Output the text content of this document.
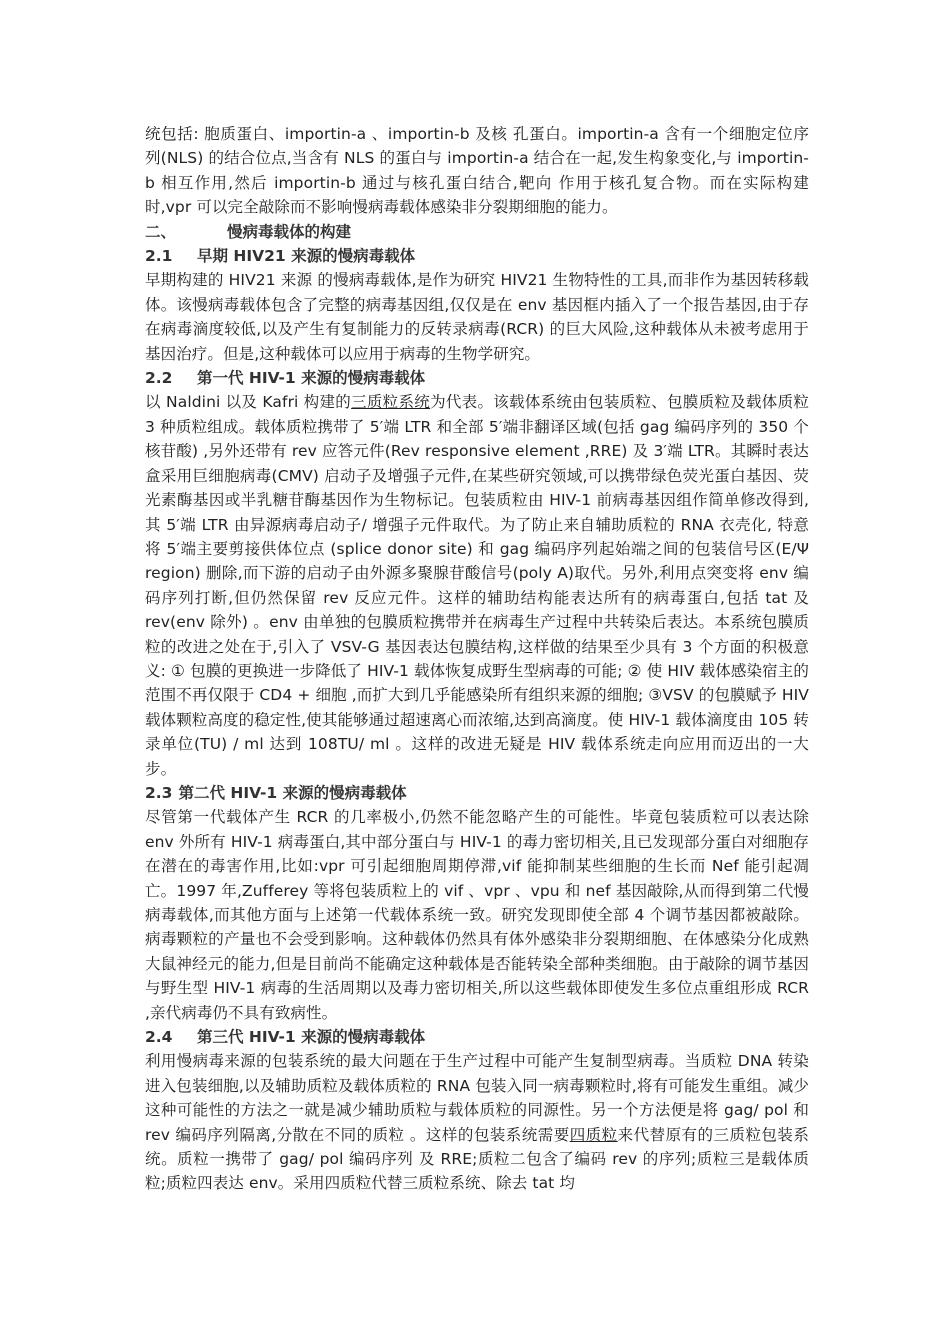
统包括: 胞质蛋白、importin-a 、importin-b 及核 孔蛋白。importin-a 含有一个细胞定位序列(NLS) 的结合位点,当含有 NLS 的蛋白与 importin-a 结合在一起,发生构象变化,与 importin-b 相互作用,然后 importin-b 通过与核孔蛋白结合,靶向 作用于核孔复合物。而在实际构建时,vpr 可以完全敲除而不影响慢病毒载体感染非分裂期细胞的能力。

二、	慢病毒载体的构建

2.1 早期 HIV21 来源的慢病毒载体

早期构建的 HIV21 来源 的慢病毒载体,是作为研究 HIV21 生物特性的工具,而非作为基因转移载体。该慢病毒载体包含了完整的病毒基因组,仅仅是在 env 基因框内插入了一个报告基因,由于存在病毒滴度较低,以及产生有复制能力的反转录病毒(RCR) 的巨大风险,这种载体从未被考虑用于基因治疗。但是,这种载体可以应用于病毒的生物学研究。

2.2 第一代 HIV-1 来源的慢病毒载体

以 Naldini 以及 Kafri 构建的三质粒系统为代表。该载体系统由包装质粒、包膜质粒及载体质粒 3 种质粒组成。载体质粒携带了 5′端 LTR 和全部 5′端非翻译区域(包括 gag 编码序列的 350 个核苷酸) ,另外还带有 rev 应答元件(Rev responsive element ,RRE) 及 3′端 LTR。其瞬时表达盒采用巨细胞病毒(CMV) 启动子及增强子元件,在某些研究领域,可以携带绿色荧光蛋白基因、荧光素酶基因或半乳糖苷酶基因作为生物标记。包装质粒由 HIV-1 前病毒基因组作简单修改得到,其 5′端 LTR 由异源病毒启动子/ 增强子元件取代。为了防止来自辅助质粒的 RNA 衣壳化, 特意将 5′端主要剪接供体位点 (splice donor site) 和 gag 编码序列起始端之间的包装信号区(E/Ψ region) 删除,而下游的启动子由外源多聚腺苷酸信号(poly A)取代。另外,利用点突变将 env 编码序列打断,但仍然保留 rev 反应元件。这样的辅助结构能表达所有的病毒蛋白,包括 tat 及 rev(env 除外) 。env 由单独的包膜质粒携带并在病毒生产过程中共转染后表达。本系统包膜质粒的改进之处在于,引入了 VSV-G 基因表达包膜结构,这样做的结果至少具有 3 个方面的积极意义: ① 包膜的更换进一步降低了 HIV-1 载体恢复成野生型病毒的可能; ② 使 HIV 载体感染宿主的范围不再仅限于 CD4 + 细胞 ,而扩大到几乎能感染所有组织来源的细胞; ③VSV 的包膜赋予 HIV 载体颗粒高度的稳定性,使其能够通过超速离心而浓缩,达到高滴度。使 HIV-1 载体滴度由 105 转录单位(TU) / ml 达到 108TU/ ml 。这样的改进无疑是 HIV 载体系统走向应用而迈出的一大步。

2.3 第二代 HIV-1 来源的慢病毒载体

尽管第一代载体产生 RCR 的几率极小,仍然不能忽略产生的可能性。毕竟包装质粒可以表达除 env 外所有 HIV-1 病毒蛋白,其中部分蛋白与 HIV-1 的毒力密切相关,且已发现部分蛋白对细胞存在潜在的毒害作用,比如:vpr 可引起细胞周期停滞,vif 能抑制某些细胞的生长而 Nef 能引起凋亡。1997 年,Zufferey 等将包装质粒上的 vif 、vpr 、vpu 和 nef 基因敲除,从而得到第二代慢病毒载体,而其他方面与上述第一代载体系统一致。研究发现即使全部 4 个调节基因都被敲除。病毒颗粒的产量也不会受到影响。这种载体仍然具有体外感染非分裂期细胞、在体感染分化成熟大鼠神经元的能力,但是目前尚不能确定这种载体是否能转染全部种类细胞。由于敲除的调节基因与野生型 HIV-1 病毒的生活周期以及毒力密切相关,所以这些载体即使发生多位点重组形成 RCR ,亲代病毒仍不具有致病性。

2.4 第三代 HIV-1 来源的慢病毒载体

利用慢病毒来源的包装系统的最大问题在于生产过程中可能产生复制型病毒。当质粒 DNA 转染进入包装细胞,以及辅助质粒及载体质粒的 RNA 包装入同一病毒颗粒时,将有可能发生重组。减少这种可能性的方法之一就是减少辅助质粒与载体质粒的同源性。另一个方法便是将 gag/ pol 和 rev 编码序列隔离,分散在不同的质粒 。这样的包装系统需要四质粒来代替原有的三质粒包装系统。质粒一携带了 gag/ pol 编码序列 及 RRE;质粒二包含了编码 rev 的序列;质粒三是载体质粒;质粒四表达 env。采用四质粒代替三质粒系统、除去 tat 均
